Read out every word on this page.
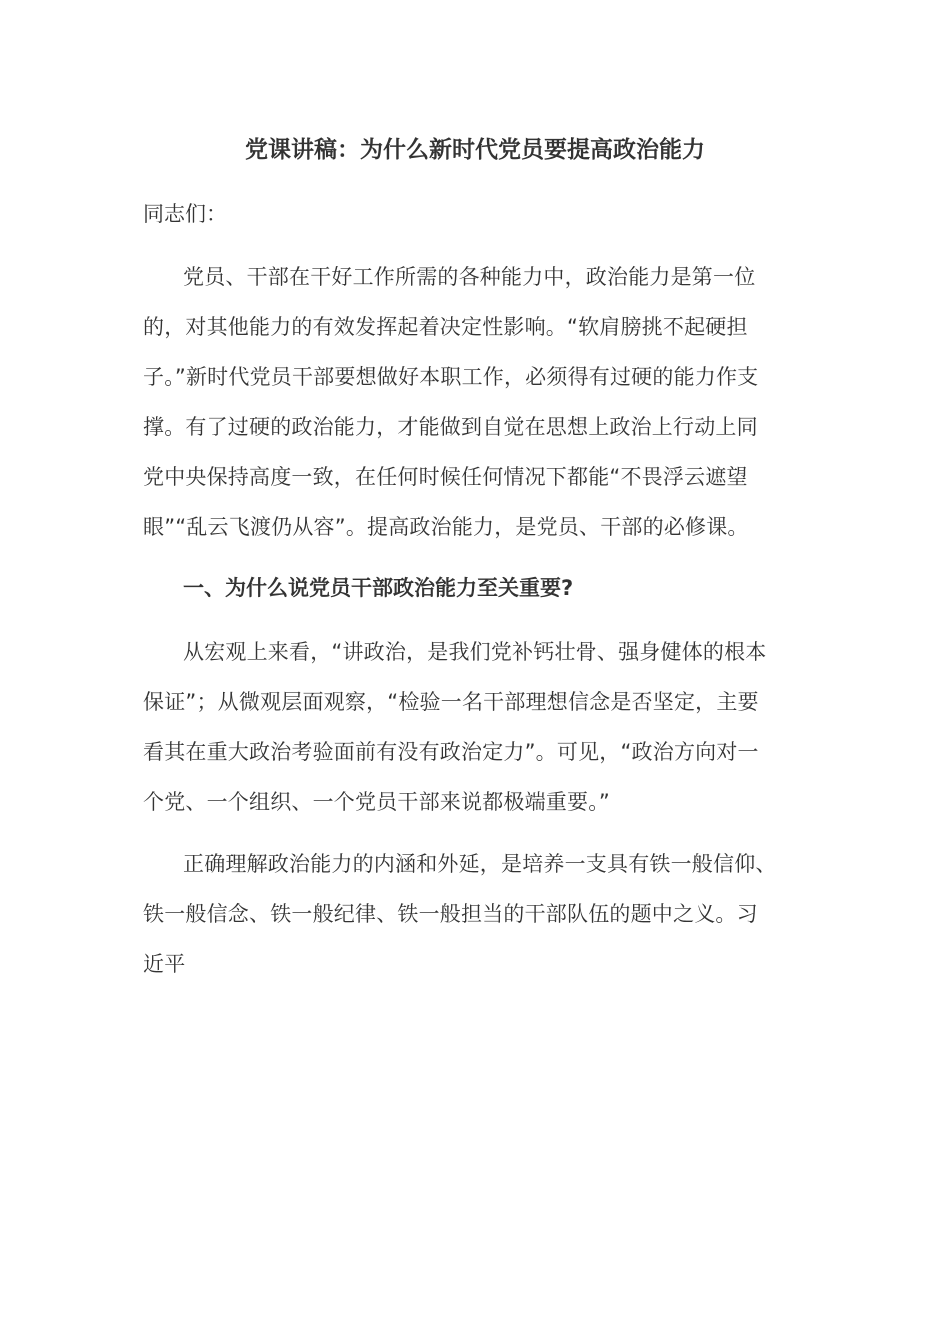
党课讲稿：为什么新时代党员要提高政治能力
同志们：
党员、干部在干好工作所需的各种能力中，政治能力是第一位
的，对其他能力的有效发挥起着决定性影响。“软肩膀挑不起硬担
子。”新时代党员干部要想做好本职工作，必须得有过硬的能力作支
撑。有了过硬的政治能力，才能做到自觉在思想上政治上行动上同
党中央保持高度一致，在任何时候任何情况下都能“不畏浮云遮望
眼”“乱云飞渡仍从容”。提高政治能力，是党员、干部的必修课。
一、为什么说党员干部政治能力至关重要?
从宏观上来看，“讲政治，是我们党补钙壮骨、强身健体的根本
保证”；从微观层面观察，“检验一名干部理想信念是否坚定，主要
看其在重大政治考验面前有没有政治定力”。可见，“政治方向对一
个党、一个组织、一个党员干部来说都极端重要。”
正确理解政治能力的内涵和外延，是培养一支具有铁一般信仰、
铁一般信念、铁一般纪律、铁一般担当的干部队伍的题中之义。习
近平
